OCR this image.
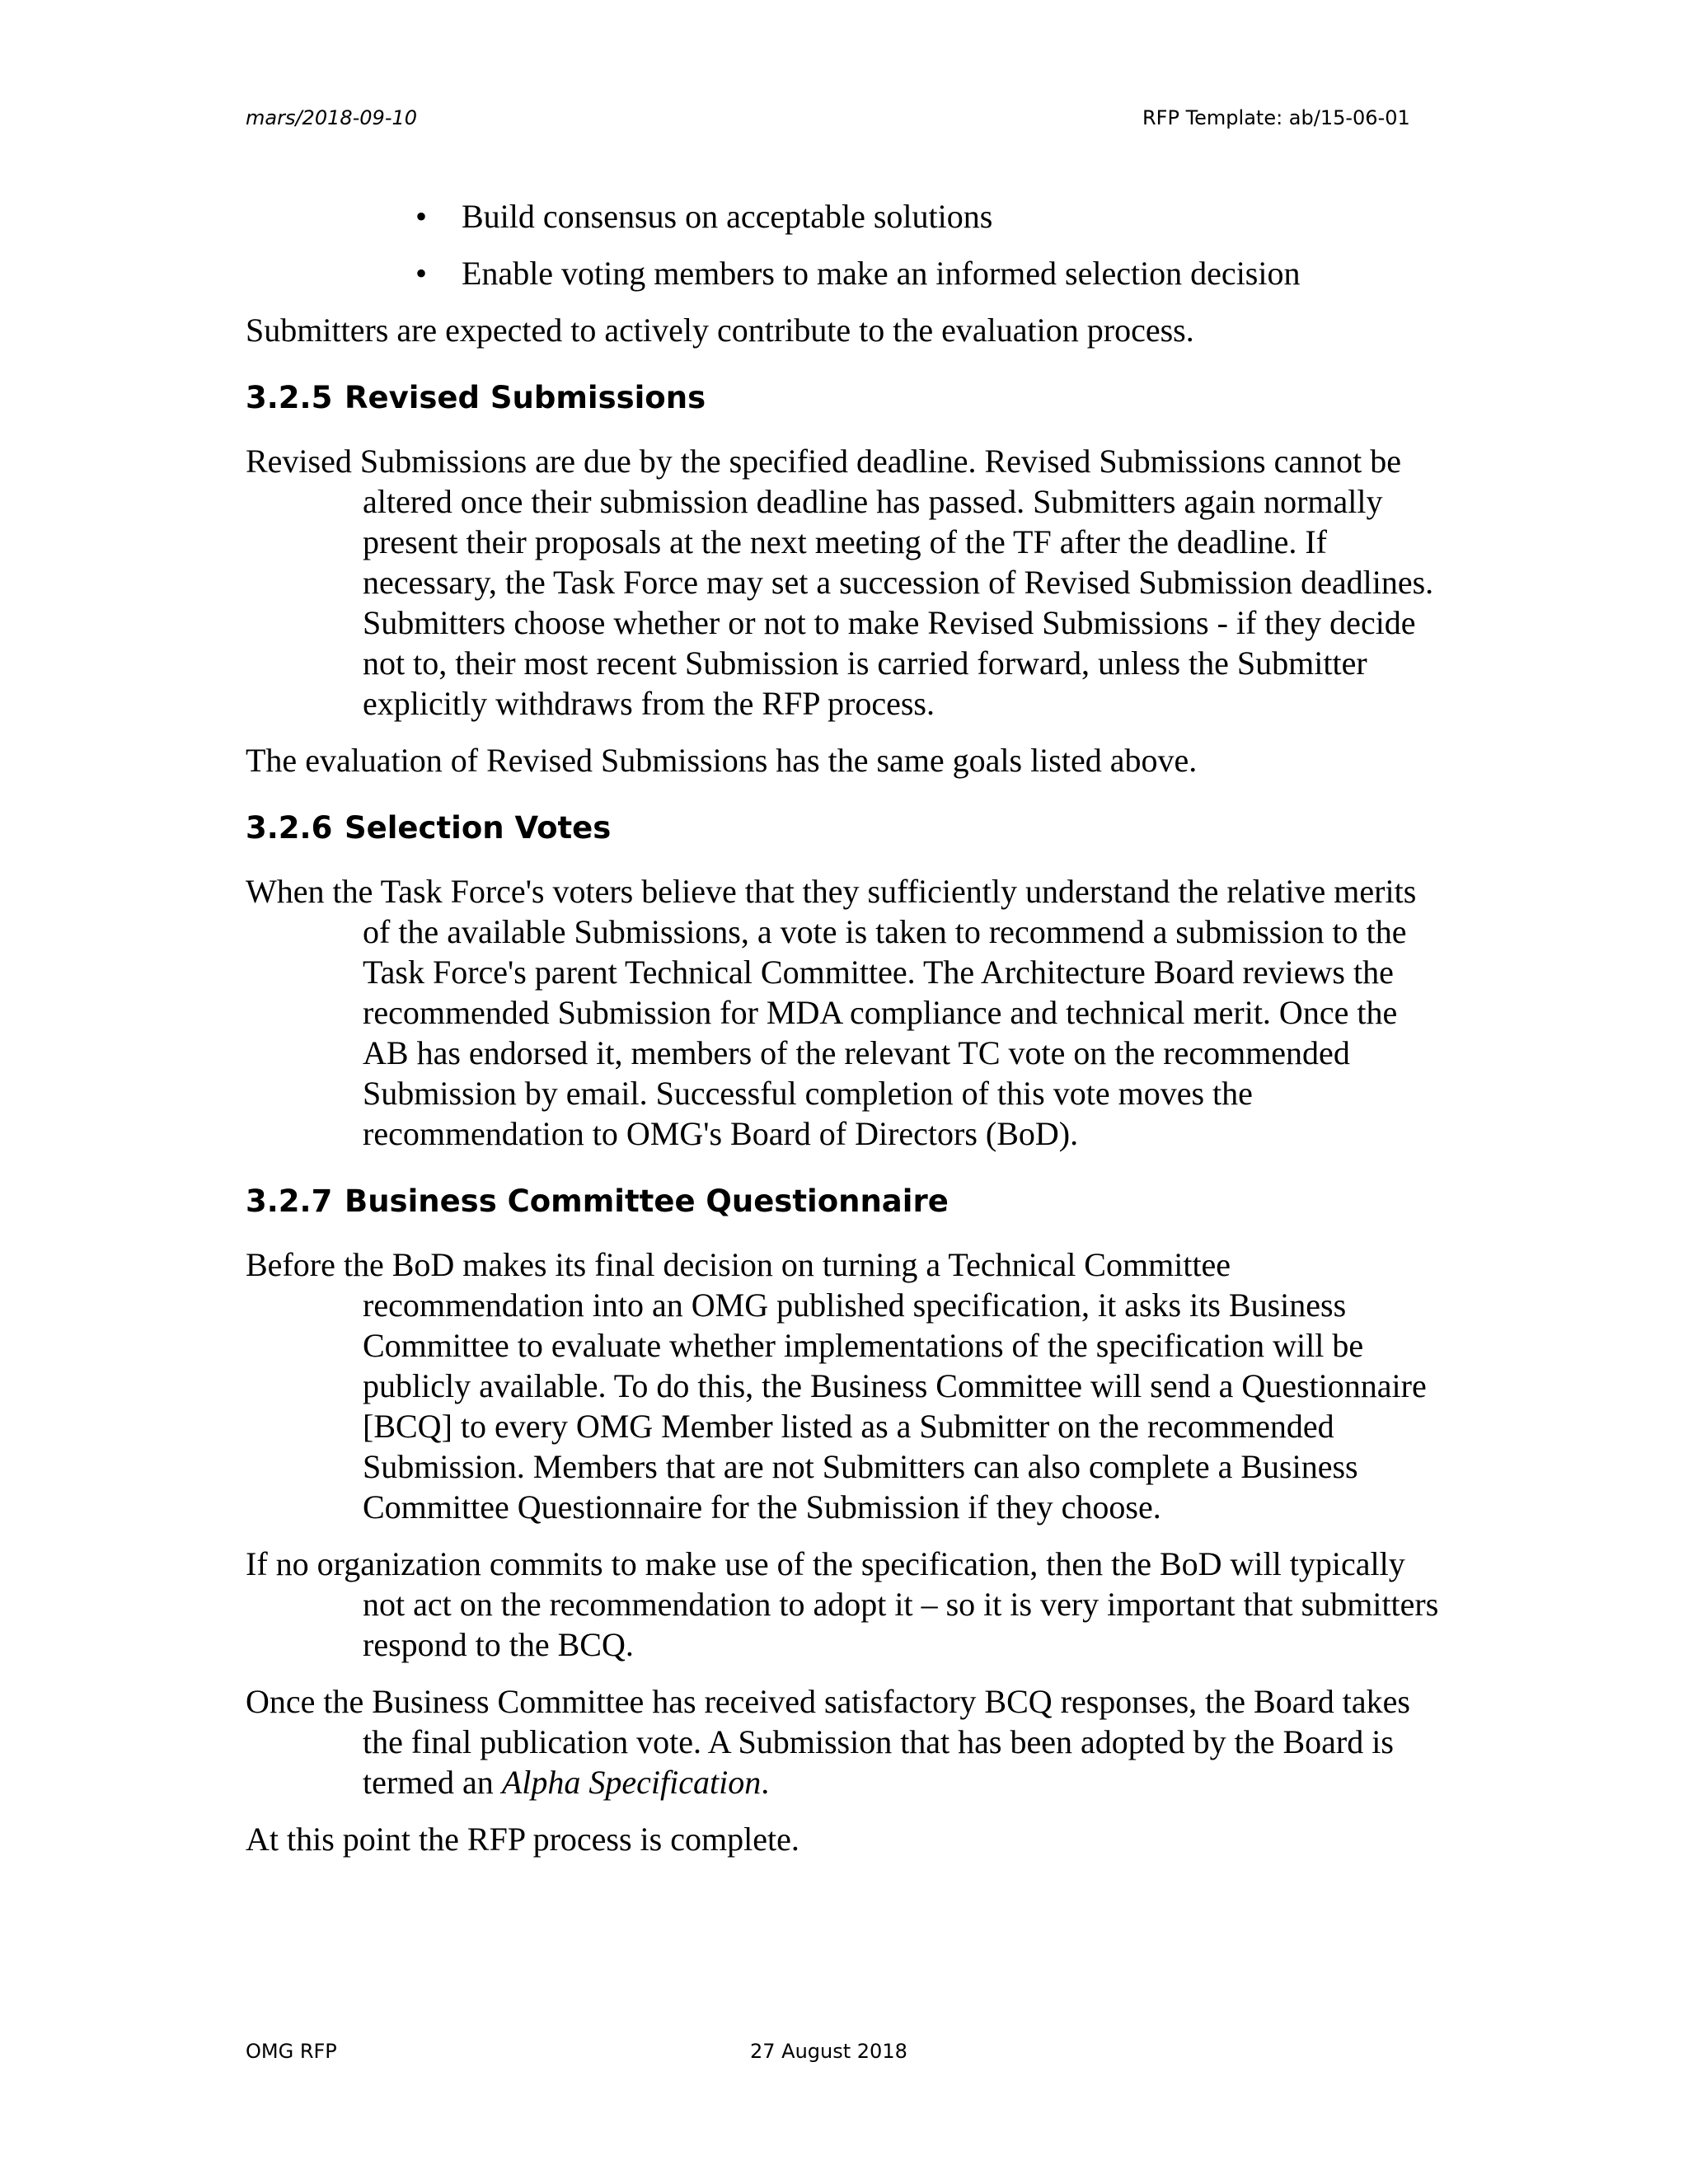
mars/2018-09-10	RFP Template: ab/15-06-01
• Build consensus on acceptable solutions
• Enable voting members to make an informed selection decision

Submitters are expected to actively contribute to the evaluation process.

3.2.5 Revised Submissions

Revised Submissions are due by the specified deadline. Revised Submissions cannot be altered once their submission deadline has passed. Submitters again normally present their proposals at the next meeting of the TF after the deadline. If necessary, the Task Force may set a succession of Revised Submission deadlines. Submitters choose whether or not to make Revised Submissions - if they decide not to, their most recent Submission is carried forward, unless the Submitter explicitly withdraws from the RFP process.

The evaluation of Revised Submissions has the same goals listed above.

3.2.6 Selection Votes

When the Task Force's voters believe that they sufficiently understand the relative merits of the available Submissions, a vote is taken to recommend a submission to the Task Force's parent Technical Committee. The Architecture Board reviews the recommended Submission for MDA compliance and technical merit. Once the AB has endorsed it, members of the relevant TC vote on the recommended Submission by email. Successful completion of this vote moves the recommendation to OMG's Board of Directors (BoD).

3.2.7 Business Committee Questionnaire

Before the BoD makes its final decision on turning a Technical Committee recommendation into an OMG published specification, it asks its Business Committee to evaluate whether implementations of the specification will be publicly available. To do this, the Business Committee will send a Questionnaire [BCQ] to every OMG Member listed as a Submitter on the recommended Submission. Members that are not Submitters can also complete a Business Committee Questionnaire for the Submission if they choose.

If no organization commits to make use of the specification, then the BoD will typically not act on the recommendation to adopt it – so it is very important that submitters respond to the BCQ.

Once the Business Committee has received satisfactory BCQ responses, the Board takes the final publication vote. A Submission that has been adopted by the Board is termed an Alpha Specification.

At this point the RFP process is complete.

OMG RFP	27 August 2018
